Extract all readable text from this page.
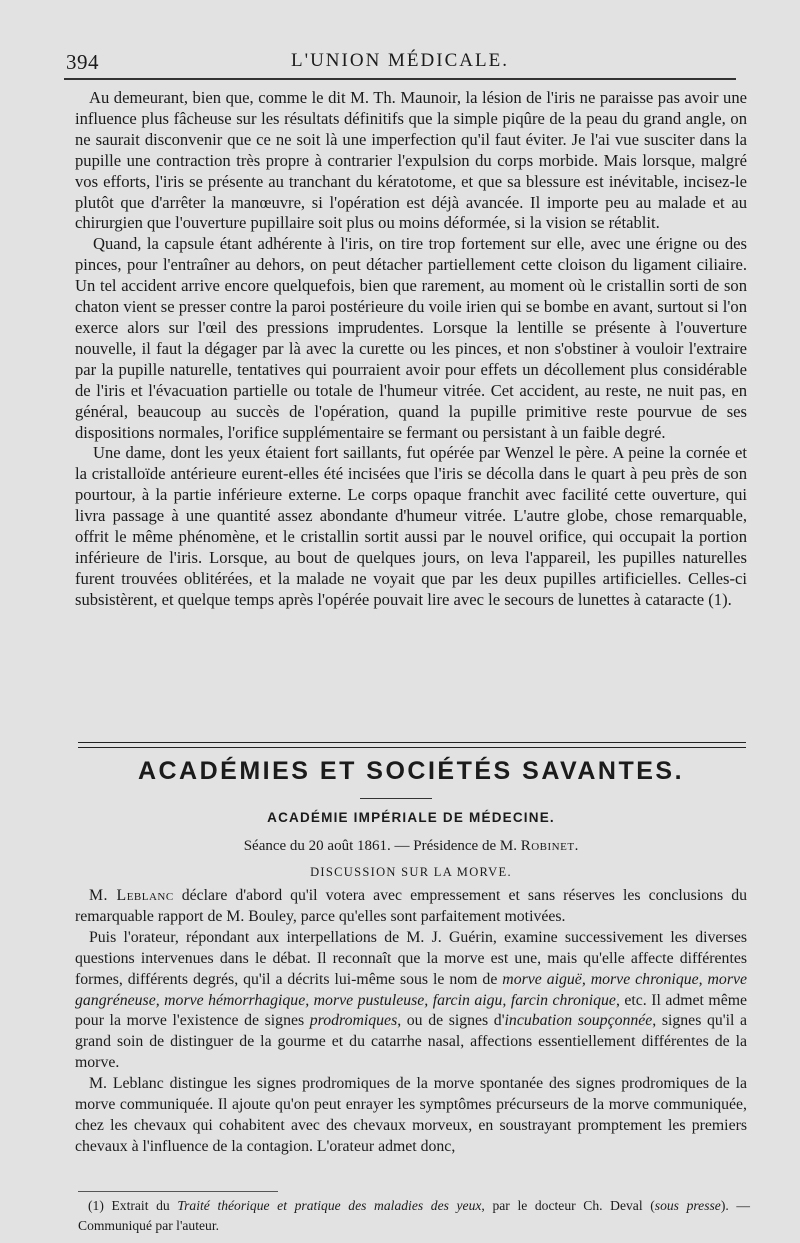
394	L'UNION MÉDICALE.

Au demeurant, bien que, comme le dit M. Th. Maunoir, la lésion de l'iris ne paraisse pas avoir une influence plus fâcheuse sur les résultats définitifs que la simple piqûre de la peau du grand angle, on ne saurait disconvenir que ce ne soit là une imperfection qu'il faut éviter. Je l'ai vue susciter dans la pupille une contraction très propre à contrarier l'expulsion du corps morbide. Mais lorsque, malgré vos efforts, l'iris se présente au tranchant du kératotome, et que sa blessure est inévitable, incisez-le plutôt que d'arrêter la manœuvre, si l'opération est déjà avancée. Il importe peu au malade et au chirurgien que l'ouverture pupillaire soit plus ou moins déformée, si la vision se rétablit.

Quand, la capsule étant adhérente à l'iris, on tire trop fortement sur elle, avec une érigne ou des pinces, pour l'entraîner au dehors, on peut détacher partiellement cette cloison du ligament ciliaire. Un tel accident arrive encore quelquefois, bien que rarement, au moment où le cristallin sorti de son chaton vient se presser contre la paroi postérieure du voile irien qui se bombe en avant, surtout si l'on exerce alors sur l'œil des pressions imprudentes. Lorsque la lentille se présente à l'ouverture nouvelle, il faut la dégager par là avec la curette ou les pinces, et non s'obstiner à vouloir l'extraire par la pupille naturelle, tentatives qui pourraient avoir pour effets un décollement plus considérable de l'iris et l'évacuation partielle ou totale de l'humeur vitrée. Cet accident, au reste, ne nuit pas, en général, beaucoup au succès de l'opération, quand la pupille primitive reste pourvue de ses dispositions normales, l'orifice supplémentaire se fermant ou persistant à un faible degré.

Une dame, dont les yeux étaient fort saillants, fut opérée par Wenzel le père. A peine la cornée et la cristalloïde antérieure eurent-elles été incisées que l'iris se décolla dans le quart à peu près de son pourtour, à la partie inférieure externe. Le corps opaque franchit avec facilité cette ouverture, qui livra passage à une quantité assez abondante d'humeur vitrée. L'autre globe, chose remarquable, offrit le même phénomène, et le cristallin sortit aussi par le nouvel orifice, qui occupait la portion inférieure de l'iris. Lorsque, au bout de quelques jours, on leva l'appareil, les pupilles naturelles furent trouvées oblitérées, et la malade ne voyait que par les deux pupilles artificielles. Celles-ci subsistèrent, et quelque temps après l'opérée pouvait lire avec le secours de lunettes à cataracte (1).

ACADÉMIES ET SOCIÉTÉS SAVANTES.
ACADÉMIE IMPÉRIALE DE MÉDECINE.
Séance du 20 août 1861. — Présidence de M. Robinet.
DISCUSSION SUR LA MORVE.

M. Leblanc déclare d'abord qu'il votera avec empressement et sans réserves les conclusions du remarquable rapport de M. Bouley, parce qu'elles sont parfaitement motivées.

Puis l'orateur, répondant aux interpellations de M. J. Guérin, examine successivement les diverses questions intervenues dans le débat. Il reconnaît que la morve est une, mais qu'elle affecte différentes formes, différents degrés, qu'il a décrits lui-même sous le nom de morve aiguë, morve chronique, morve gangréneuse, morve hémorrhagique, morve pustuleuse, farcin aigu, farcin chronique, etc. Il admet même pour la morve l'existence de signes prodromiques, ou de signes d'incubation soupçonnée, signes qu'il a grand soin de distinguer de la gourme et du catarrhe nasal, affections essentiellement différentes de la morve.

M. Leblanc distingue les signes prodromiques de la morve spontanée des signes prodromiques de la morve communiquée. Il ajoute qu'on peut enrayer les symptômes précurseurs de la morve communiquée, chez les chevaux qui cohabitent avec des chevaux morveux, en soustrayant promptement les premiers chevaux à l'influence de la contagion. L'orateur admet donc,

(1) Extrait du Traité théorique et pratique des maladies des yeux, par le docteur Ch. Deval (sous presse). — Communiqué par l'auteur.
